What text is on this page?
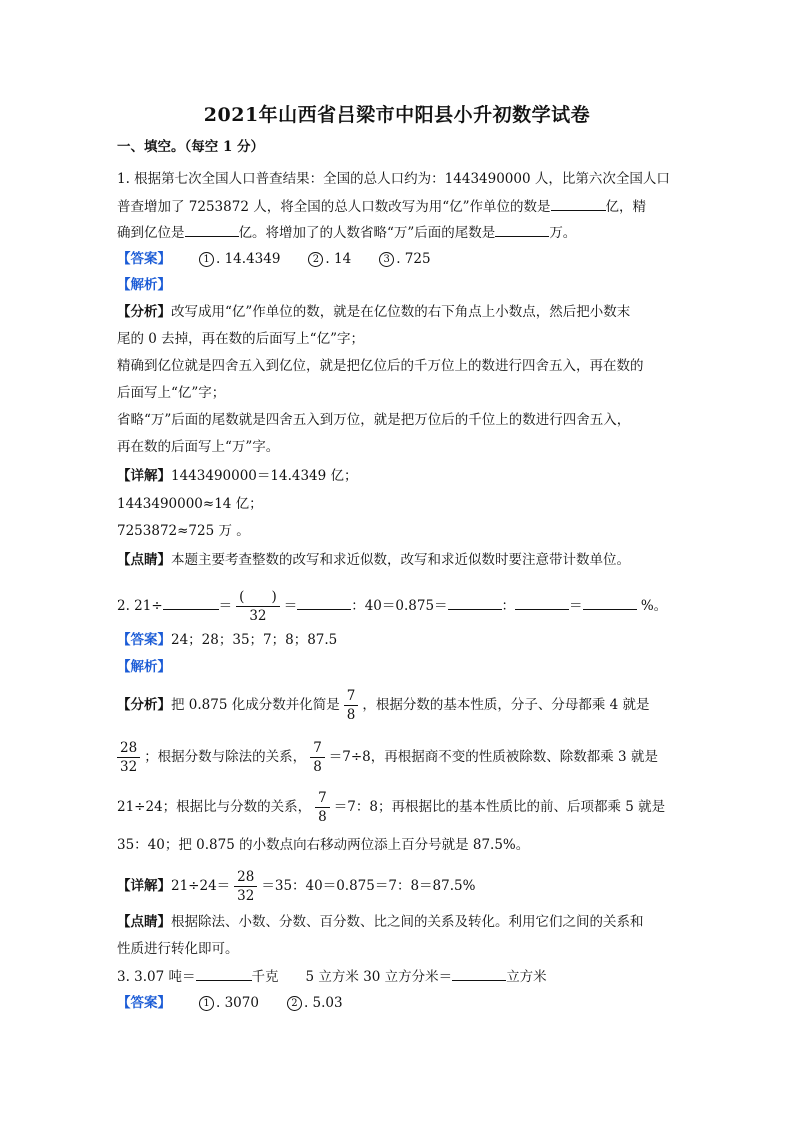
2021年山西省吕梁市中阳县小升初数学试卷
一、填空。（每空 1 分）
1. 根据第七次全国人口普查结果：全国的总人口约为：1443490000 人，比第六次全国人口
普查增加了 7253872 人，将全国的总人口数改写为用“亿”作单位的数是	亿，精
确到亿位是	亿。将增加了的人数省略“万”后面的尾数是	万。
【答案】	1 . 14.4349	2 . 14	3 . 725
【解析】
【分析】改写成用“亿”作单位的数，就是在亿位数的右下角点上小数点，然后把小数末
尾的 0 去掉，再在数的后面写上“亿”字；
精确到亿位就是四舍五入到亿位，就是把亿位后的千万位上的数进行四舍五入，再在数的
后面写上“亿”字；
省略“万”后面的尾数就是四舍五入到万位，就是把万位后的千位上的数进行四舍五入，
再在数的后面写上“万”字。
【详解】1443490000＝14.4349 亿；
1443490000≈14 亿；
7253872≈725 万 。
【点睛】本题主要考查整数的改写和求近似数，改写和求近似数时要注意带计数单位。
2. 21÷	＝ $\frac{( )}{32}$ ＝	：40＝0.875＝	：	＝	%。
【答案】24；28；35；7；8；87.5
【解析】
【分析】把 0.875 化成分数并化简是 $\frac{7}{8}$ ，根据分数的基本性质，分子、分母都乘 4 就是
$\frac{28}{32}$ ；根据分数与除法的关系， $\frac{7}{8} =7\div 8$，再根据商不变的性质被除数、除数都乘 3 就是
21÷24；根据比与分数的关系， $\frac{7}{8} =7$：8；再根据比的基本性质比的前、后项都乘 5 就是
35：40；把 0.875 的小数点向右移动两位添上百分号就是 87.5%。
【详解】$21\div 24= \frac{28}{32} =35$：40＝0.875＝7：8＝87.5%
【点睛】根据除法、小数、分数、百分数、比之间的关系及转化。利用它们之间的关系和
性质进行转化即可。
3. 3.07 吨＝	千克　　5 立方米 30 立方分米＝	立方米
【答案】	1 . 3070	2 . 5.03
